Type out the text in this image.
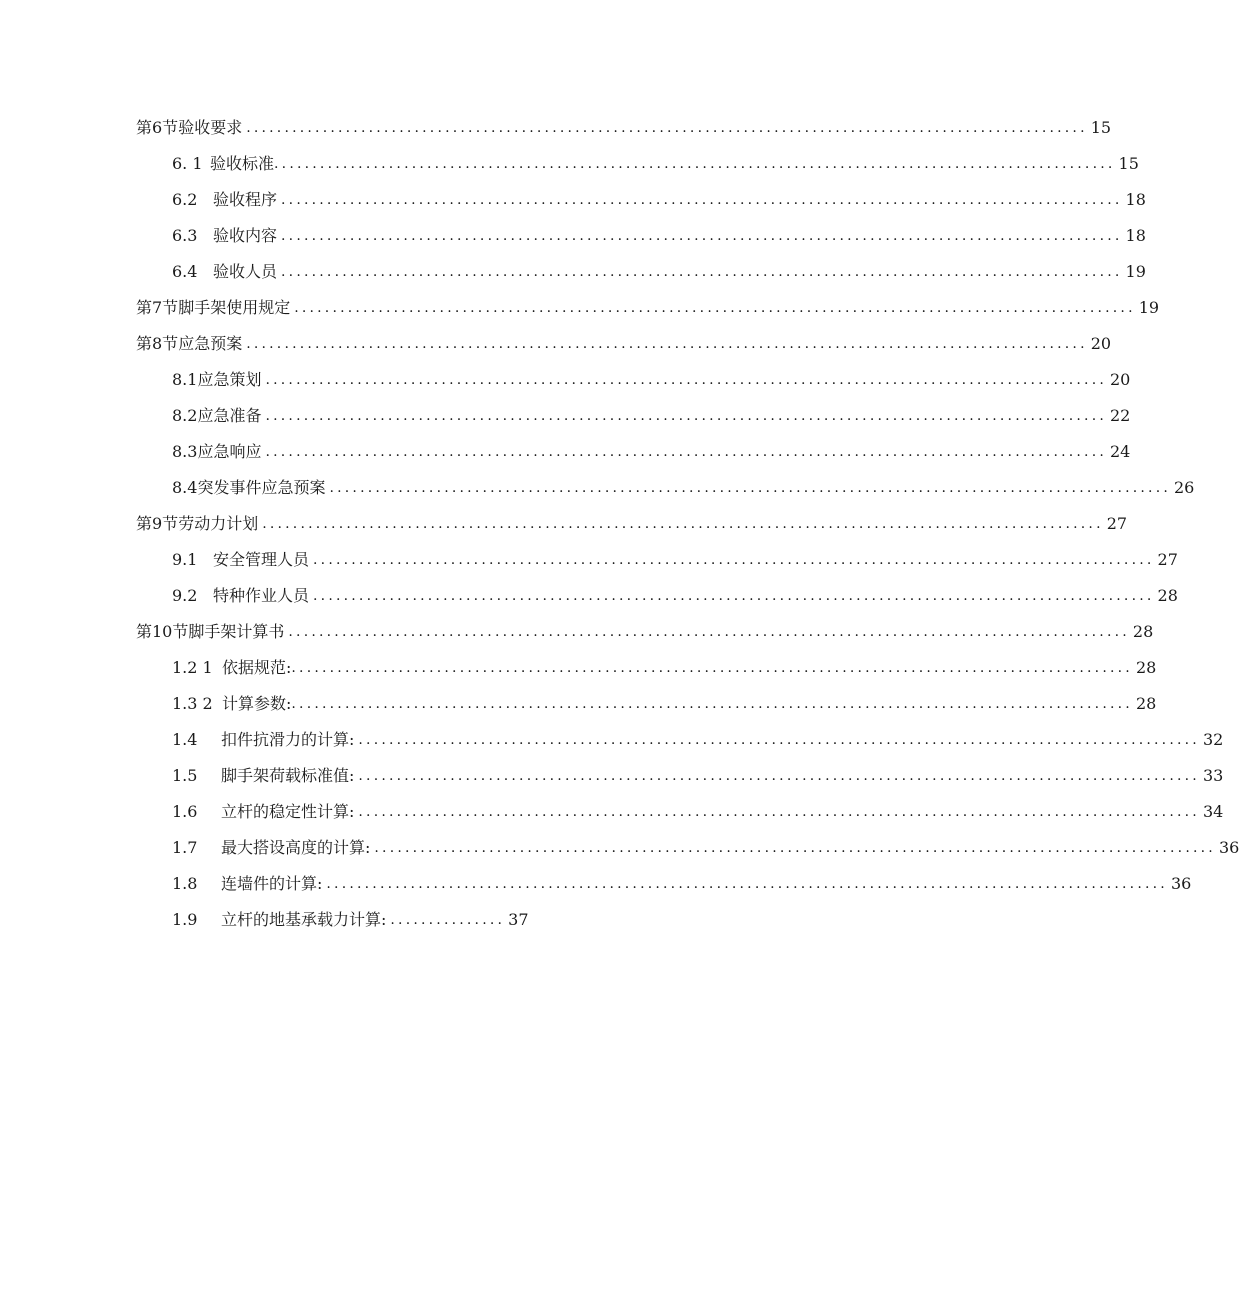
第6节 验收要求 .............................................................................................................. 15
6. 1 验收标准 .............................................................................................................. 15
6.2 验收程序 .............................................................................................................. 18
6.3 验收内容 .............................................................................................................. 18
6.4 验收人员 .............................................................................................................. 19
第7节 脚手架使用规定 .............................................................................................................. 19
第8节 应急预案 .............................................................................................................. 20
8.1 应急策划 .............................................................................................................. 20
8.2 应急准备 .............................................................................................................. 22
8.3 应急响应 .............................................................................................................. 24
8.4 突发事件应急预案 .............................................................................................................. 26
第9节 劳动力计划 .............................................................................................................. 27
9.1 安全管理人员 .............................................................................................................. 27
9.2 特种作业人员 .............................................................................................................. 28
第10节 脚手架计算书 .............................................................................................................. 28
1.2 1 依据规范: .............................................................................................................. 28
1.3 2 计算参数: .............................................................................................................. 28
1.4	扣件抗滑力的计算: .............................................................................................................. 32
1.5	脚手架荷载标准值: .............................................................................................................. 33
1.6	立杆的稳定性计算: .............................................................................................................. 34
1.7	最大搭设高度的计算: .............................................................................................................. 36
1.8	连墙件的计算: .............................................................................................................. 36
1.9	立杆的地基承载力计算: ............... 37
